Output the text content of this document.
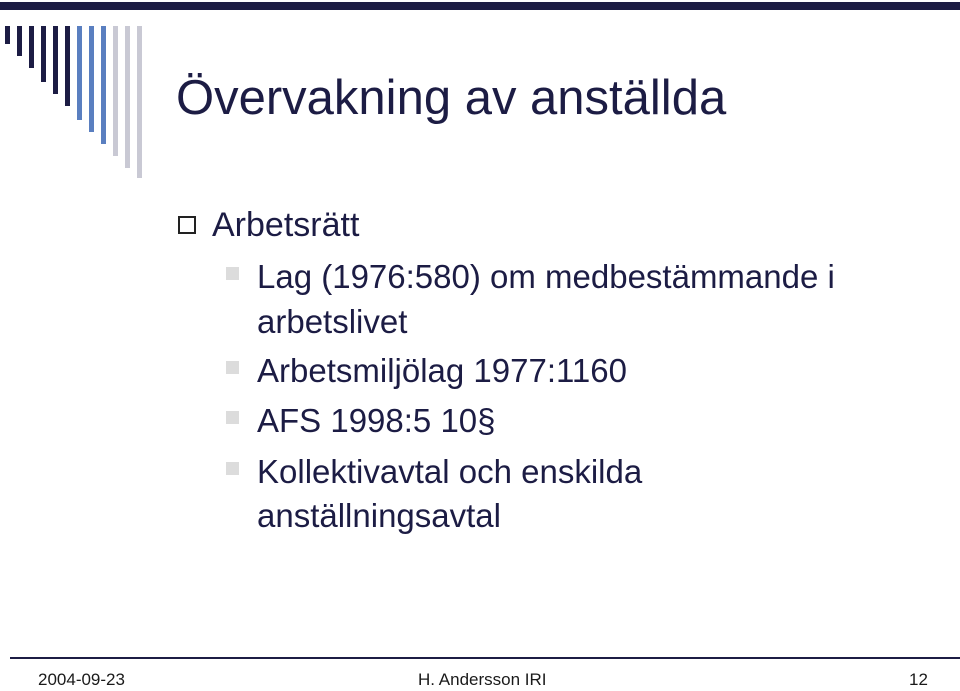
Övervakning av anställda
Arbetsrätt
Lag (1976:580) om medbestämmande i
arbetslivet
Arbetsmiljölag 1977:1160
AFS 1998:5 10§
Kollektivavtal och enskilda
anställningsavtal
2004-09-23	H. Andersson IRI	12
